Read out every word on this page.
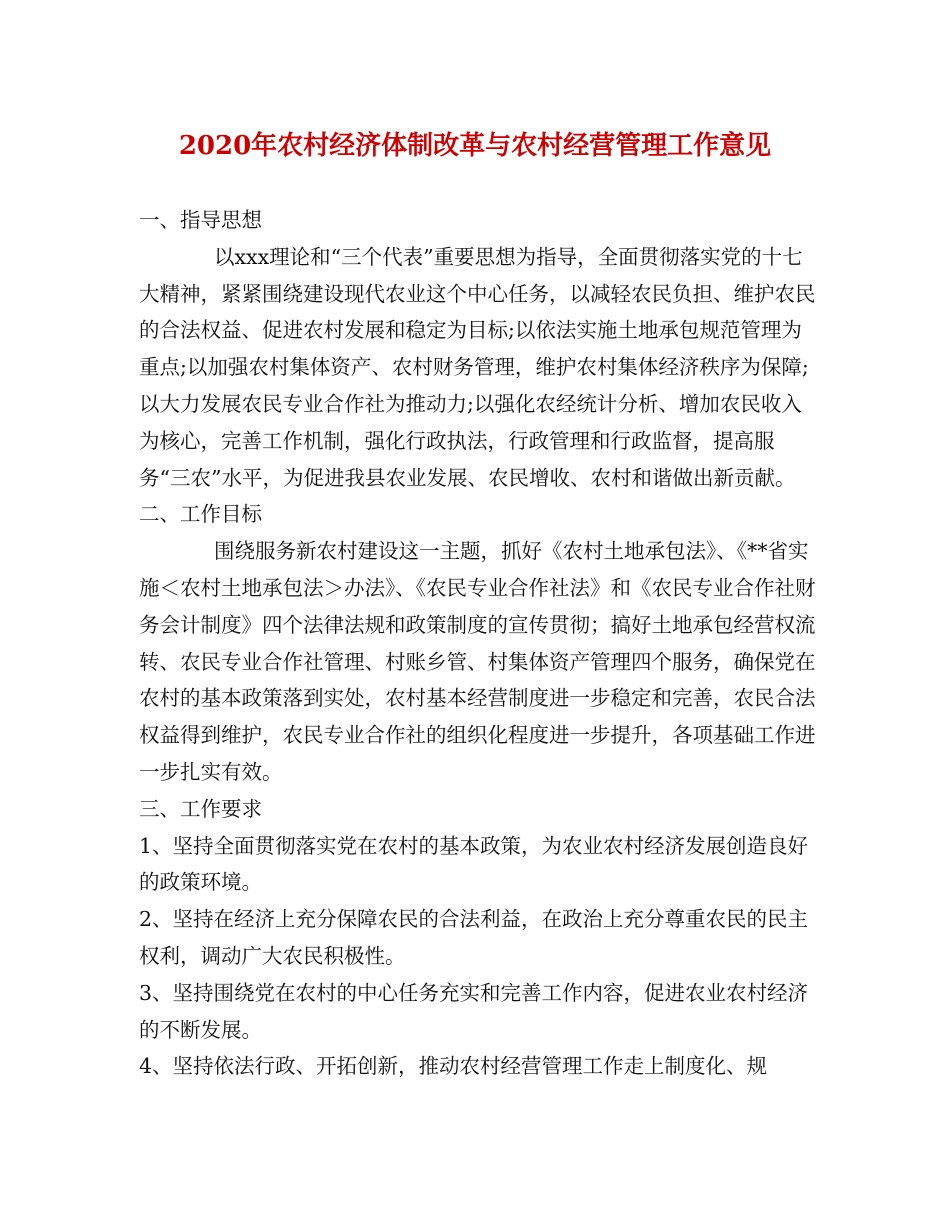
2020年农村经济体制改革与农村经营管理工作意见

一、指导思想

以xxx理论和“三个代表”重要思想为指导，全面贯彻落实党的十七大精神，紧紧围绕建设现代农业这个中心任务，以减轻农民负担、维护农民的合法权益、促进农村发展和稳定为目标;以依法实施土地承包规范管理为重点;以加强农村集体资产、农村财务管理，维护农村集体经济秩序为保障;以大力发展农民专业合作社为推动力;以强化农经统计分析、增加农民收入为核心，完善工作机制，强化行政执法，行政管理和行政监督，提高服务“三农”水平，为促进我县农业发展、农民增收、农村和谐做出新贡献。

二、工作目标

围绕服务新农村建设这一主题，抓好《农村土地承包法》、《**省实施＜农村土地承包法＞办法》、《农民专业合作社法》和《农民专业合作社财务会计制度》四个法律法规和政策制度的宣传贯彻；搞好土地承包经营权流转、农民专业合作社管理、村账乡管、村集体资产管理四个服务，确保党在农村的基本政策落到实处，农村基本经营制度进一步稳定和完善，农民合法权益得到维护，农民专业合作社的组织化程度进一步提升，各项基础工作进一步扎实有效。

三、工作要求

1、坚持全面贯彻落实党在农村的基本政策，为农业农村经济发展创造良好的政策环境。

2、坚持在经济上充分保障农民的合法利益，在政治上充分尊重农民的民主权利，调动广大农民积极性。

3、坚持围绕党在农村的中心任务充实和完善工作内容，促进农业农村经济的不断发展。

4、坚持依法行政、开拓创新，推动农村经营管理工作走上制度化、规
